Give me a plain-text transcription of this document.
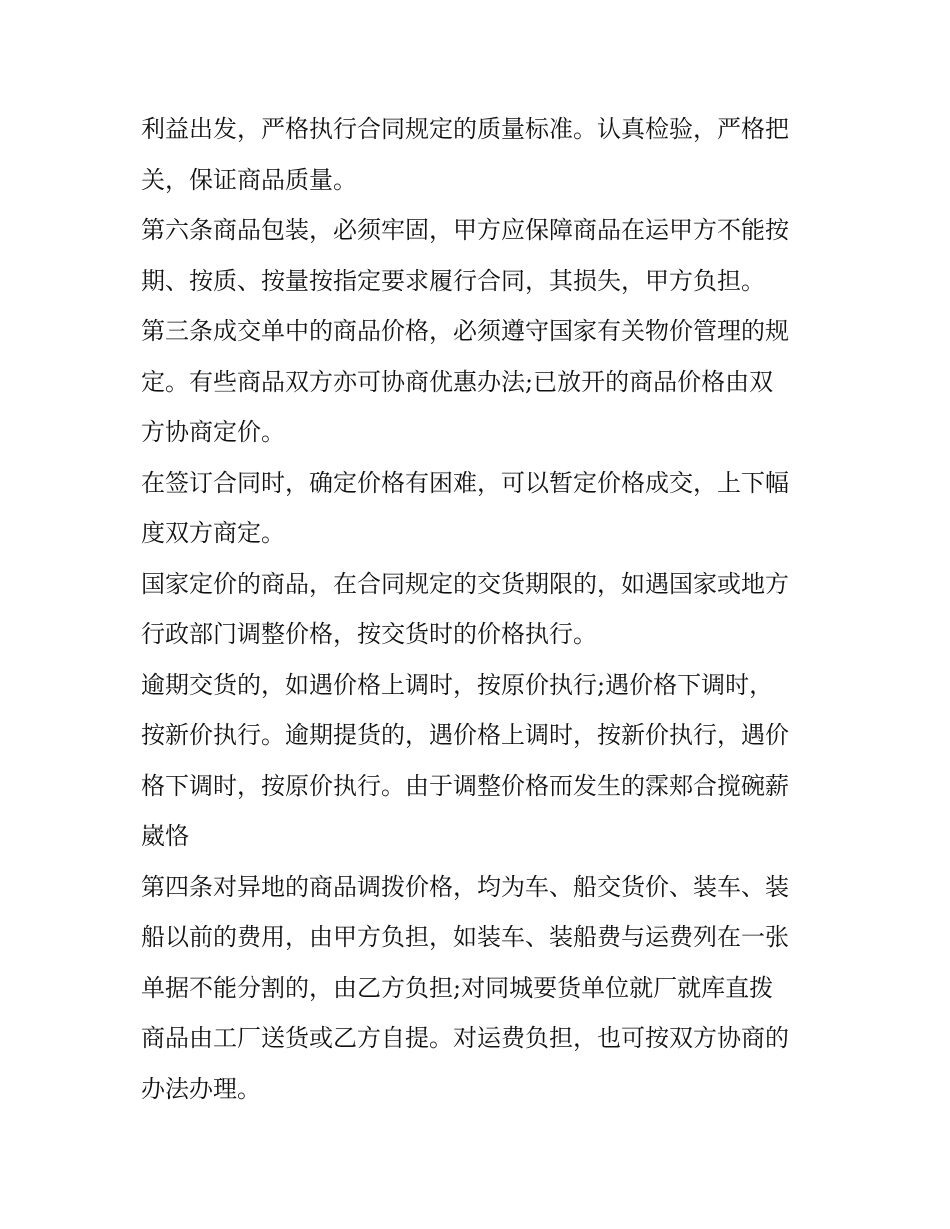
利益出发，严格执行合同规定的质量标准。认真检验，严格把
关，保证商品质量。
第六条商品包装，必须牢固，甲方应保障商品在运甲方不能按
期、按质、按量按指定要求履行合同，其损失，甲方负担。
第三条成交单中的商品价格，必须遵守国家有关物价管理的规
定。有些商品双方亦可协商优惠办法;已放开的商品价格由双
方协商定价。
在签订合同时，确定价格有困难，可以暂定价格成交，上下幅
度双方商定。
国家定价的商品，在合同规定的交货期限的，如遇国家或地方
行政部门调整价格，按交货时的价格执行。
逾期交货的，如遇价格上调时，按原价执行;遇价格下调时，
按新价执行。逾期提货的，遇价格上调时，按新价执行，遇价
格下调时，按原价执行。由于调整价格而发生的霂郏合搅碗薪
崴恪
第四条对异地的商品调拨价格，均为车、船交货价、装车、装
船以前的费用，由甲方负担，如装车、装船费与运费列在一张
单据不能分割的，由乙方负担;对同城要货单位就厂就库直拨
商品由工厂送货或乙方自提。对运费负担，也可按双方协商的
办法办理。
